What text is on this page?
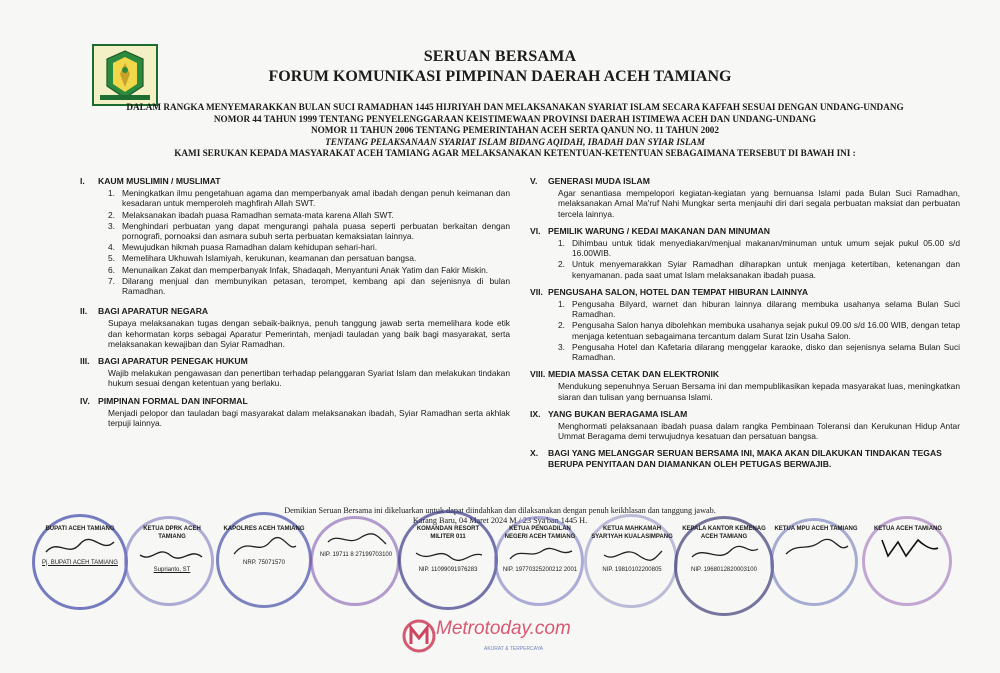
SERUAN BERSAMA
FORUM KOMUNIKASI PIMPINAN DAERAH ACEH TAMIANG
DALAM RANGKA MENYEMARAKKAN BULAN SUCI RAMADHAN 1445 HIJRIYAH DAN MELAKSANAKAN SYARIAT ISLAM SECARA KAFFAH SESUAI DENGAN UNDANG-UNDANG
NOMOR 44 TAHUN 1999 TENTANG PENYELENGGARAAN KEISTIMEWAAN PROVINSI DAERAH ISTIMEWA ACEH DAN UNDANG-UNDANG
NOMOR 11 TAHUN 2006 TENTANG PEMERINTAHAN ACEH SERTA QANUN NO. 11 TAHUN 2002
TENTANG PELAKSANAAN SYARIAT ISLAM BIDANG AQIDAH, IBADAH DAN SYIAR ISLAM
KAMI SERUKAN KEPADA MASYARAKAT ACEH TAMIANG AGAR MELAKSANAKAN KETENTUAN-KETENTUAN SEBAGAIMANA TERSEBUT DI BAWAH INI :
I.	KAUM MUSLIMIN / MUSLIMAT
1. Meningkatkan ilmu pengetahuan agama dan memperbanyak amal ibadah dengan penuh keimanan dan kesadaran untuk memperoleh maghfirah Allah SWT.
2. Melaksanakan ibadah puasa Ramadhan semata-mata karena Allah SWT.
3. Menghindari perbuatan yang dapat mengurangi pahala puasa seperti perbuatan berkaitan dengan pornografi, pornoaksi dan asmara subuh serta perbuatan kemaksiatan lainnya.
4. Mewujudkan hikmah puasa Ramadhan dalam kehidupan sehari-hari.
5. Memelihara Ukhuwah Islamiyah, kerukunan, keamanan dan persatuan bangsa.
6. Menunaikan Zakat dan memperbanyak Infak, Shadaqah, Menyantuni Anak Yatim dan Fakir Miskin.
7. Dilarang menjual dan membunyikan petasan, terompet, kembang api dan sejenisnya di bulan Ramadhan.
II.	BAGI APARATUR NEGARA
Supaya melaksanakan tugas dengan sebaik-baiknya, penuh tanggung jawab serta memelihara kode etik dan kehormatan korps sebagai Aparatur Pemerintah, menjadi tauladan yang baik bagi masyarakat, serta melaksanakan kewajiban dan Syiar Ramadhan.
III. BAGI APARATUR PENEGAK HUKUM
Wajib melakukan pengawasan dan penertiban terhadap pelanggaran Syariat Islam dan melakukan tindakan hukum sesuai dengan ketentuan yang berlaku.
IV. PIMPINAN FORMAL DAN INFORMAL
Menjadi pelopor dan tauladan bagi masyarakat dalam melaksanakan ibadah, Syiar Ramadhan serta akhlak terpuji lainnya.
V.	GENERASI MUDA ISLAM
Agar senantiasa mempelopori kegiatan-kegiatan yang bernuansa Islami pada Bulan Suci Ramadhan, melaksanakan Amal Ma'ruf Nahi Mungkar serta menjauhi diri dari segala perbuatan maksiat dan perbuatan tercela lainnya.
VI. PEMILIK WARUNG / KEDAI MAKANAN DAN MINUMAN
1. Dihimbau untuk tidak menyediakan/menjual makanan/minuman untuk umum sejak pukul 05.00 s/d 16.00WIB.
2. Untuk menyemarakkan Syiar Ramadhan diharapkan untuk menjaga ketertiban, ketenangan dan kenyamanan. pada saat umat Islam melaksanakan ibadah puasa.
VII. PENGUSAHA SALON, HOTEL DAN TEMPAT HIBURAN LAINNYA
1. Pengusaha Bilyard, warnet dan hiburan lainnya dilarang membuka usahanya selama Bulan Suci Ramadhan.
2. Pengusaha Salon hanya dibolehkan membuka usahanya sejak pukul 09.00 s/d 16.00 WIB, dengan tetap menjaga ketentuan sebagaimana tercantum dalam Surat Izin Usaha Salon.
3. Pengusaha Hotel dan Kafetaria dilarang menggelar karaoke, disko dan sejenisnya selama Bulan Suci Ramadhan.
VIII. MEDIA MASSA CETAK DAN ELEKTRONIK
Mendukung sepenuhnya Seruan Bersama ini dan mempublikasikan kepada masyarakat luas, meningkatkan siaran dan tulisan yang bernuansa Islami.
IX. YANG BUKAN BERAGAMA ISLAM
Menghormati pelaksanaan ibadah puasa dalam rangka Pembinaan Toleransi dan Kerukunan Hidup Antar Ummat Beragama demi terwujudnya kesatuan dan persatuan bangsa.
X.	BAGI YANG MELANGGAR SERUAN BERSAMA INI, MAKA AKAN DILAKUKAN TINDAKAN TEGAS BERUPA PENYITAAN DAN DIAMANKAN OLEH PETUGAS BERWAJIB.
Demikian Seruan Bersama ini dikeluarkan untuk dapat diindahkan dan dilaksanakan dengan penuh keikhlasan dan tanggung jawab.
Karang Baru, 04 Maret 2024 M / 23 Sya'ban 1445 H.
BUPATI ACEH TAMIANG
Pj. BUPATI ACEH TAMIANG
KETUA DPRK ACEH TAMIANG
Suprianto, ST
KAPOLRES ACEH TAMIANG
NRP. 75071570
NIP. 19711 8 27199703100
KOMANDAN RESORT MILITER 011
NIP. 11099091976283
KETUA PENGADILAN NEGERI ACEH TAMIANG
NIP. 19770325200212 2001
KETUA MAHKAMAH SYAR'IYAH KUALASIMPANG
NIP. 19810102200805
KEPALA KANTOR KEMENAG ACEH TAMIANG
NIP. 1968012820003100
KETUA MPU ACEH TAMIANG	KETUA ACEH TAMIANG
Metrotoday.com
AKURAT & TERPERCAYA
